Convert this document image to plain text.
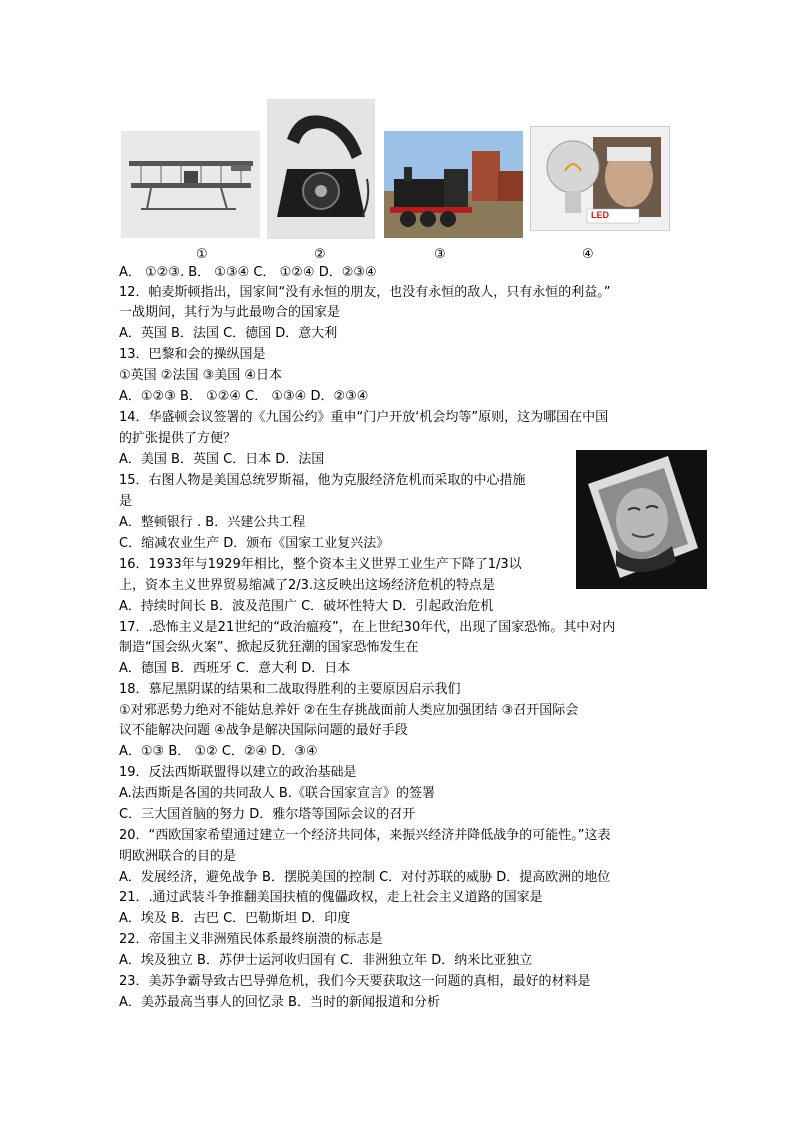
LED
①	②	③	④
A． ①②③. B． ①③④ C． ①②④ D．②③④
12．帕麦斯顿指出，国家间“没有永恒的朋友，也没有永恒的敌人，只有永恒的利益。”
一战期间，其行为与此最吻合的国家是
A．英国 B．法国 C．德国 D．意大利
13．巴黎和会的操纵国是
①英国 ②法国 ③美国 ④日本
A．①②③ B． ①②④ C． ①③④ D．②③④
14．华盛顿会议签署的《九国公约》重申“门户开放‘机会均等”原则，这为哪国在中国
的扩张提供了方便？
A．美国 B．英国 C．日本 D．法国
15．右图人物是美国总统罗斯福，他为克服经济危机而采取的中心措施
是
A．整顿银行 . B．兴建公共工程
C．缩减农业生产 D．颁布《国家工业复兴法》
16．1933年与1929年相比，整个资本主义世界工业生产下降了1/3以
上，资本主义世界贸易缩减了2/3.这反映出这场经济危机的特点是
A．持续时间长 B．波及范围广 C．破坏性特大 D．引起政治危机
17．.恐怖主义是21世纪的“政治瘟疫”，在上世纪30年代，出现了国家恐怖。其中对内
制造“国会纵火案”、掀起反犹狂潮的国家恐怖发生在
A．德国 B．西班牙 C．意大利 D．日本
18．慕尼黑阴谋的结果和二战取得胜利的主要原因启示我们
①对邪恶势力绝对不能姑息养奸 ②在生存挑战面前人类应加强团结 ③召开国际会
议不能解决问题 ④战争是解决国际问题的最好手段
A．①③ B． ①② C．②④ D．③④
19．反法西斯联盟得以建立的政治基础是
A.法西斯是各国的共同敌人 B.《联合国家宣言》的签署
C．三大国首脑的努力 D．雅尔塔等国际会议的召开
20．“西欧国家希望通过建立一个经济共同体，来振兴经济并降低战争的可能性。”这表
明欧洲联合的目的是
A．发展经济，避免战争 B．摆脱美国的控制 C．对付苏联的威胁 D．提高欧洲的地位
21．.通过武装斗争推翻美国扶植的傀儡政权，走上社会主义道路的国家是
A．埃及 B．古巴 C．巴勒斯坦 D．印度
22．帝国主义非洲殖民体系最终崩溃的标志是
A．埃及独立 B．苏伊士运河收归国有 C．非洲独立年 D．纳米比亚独立
23．美苏争霸导致古巴导弹危机，我们今天要获取这一问题的真相，最好的材料是
A．美苏最高当事人的回忆录 B．当时的新闻报道和分析
